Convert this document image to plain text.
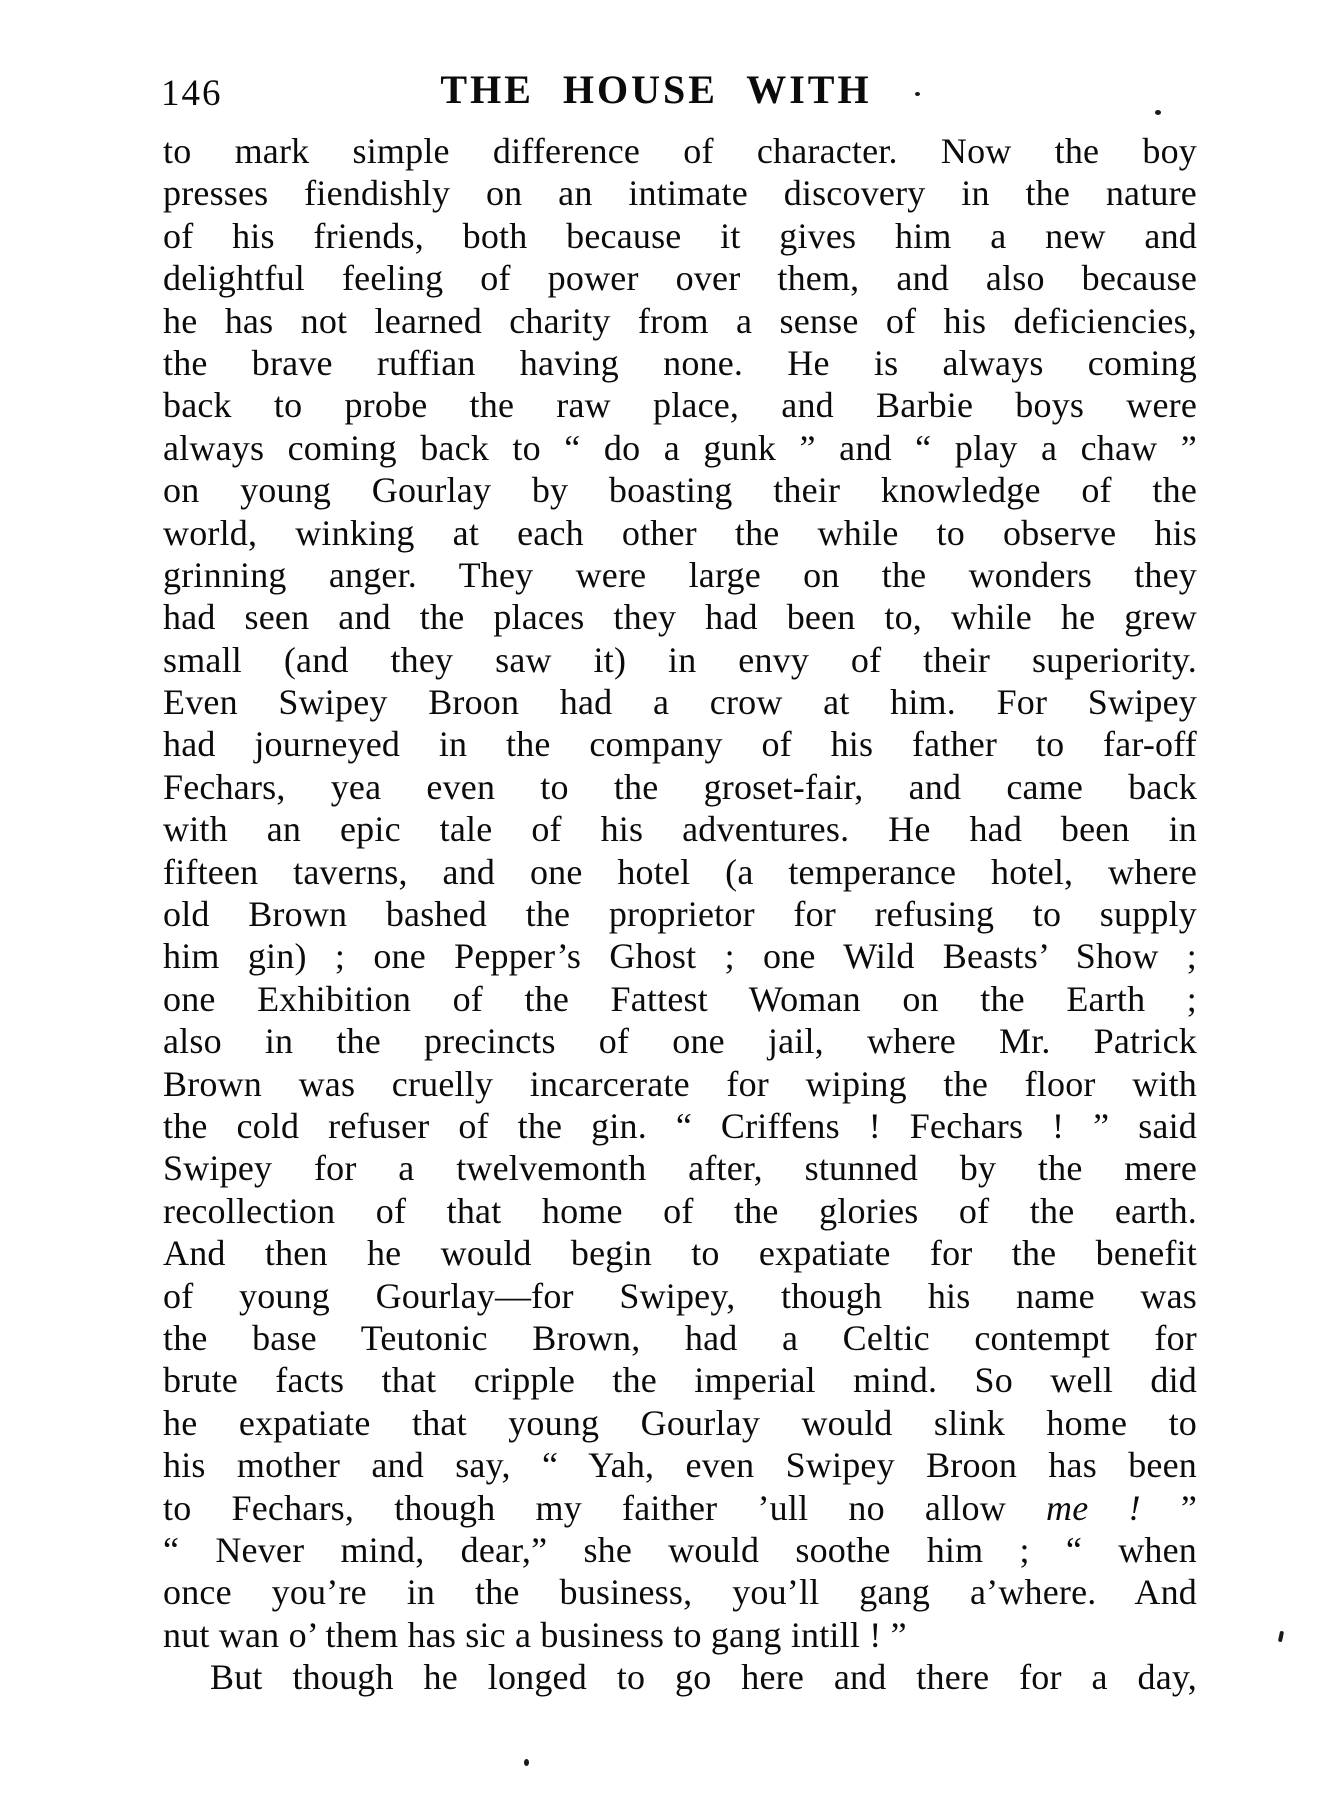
146	THE HOUSE WITH
to mark simple difference of character. Now the boy
presses fiendishly on an intimate discovery in the nature
of his friends, both because it gives him a new and
delightful feeling of power over them, and also because
he has not learned charity from a sense of his deficiencies,
the brave ruffian having none. He is always coming
back to probe the raw place, and Barbie boys were
always coming back to “ do a gunk ” and “ play a chaw ”
on young Gourlay by boasting their knowledge of the
world, winking at each other the while to observe his
grinning anger. They were large on the wonders they
had seen and the places they had been to, while he grew
small (and they saw it) in envy of their superiority.
Even Swipey Broon had a crow at him. For Swipey
had journeyed in the company of his father to far-off
Fechars, yea even to the groset-fair, and came back
with an epic tale of his adventures. He had been in
fifteen taverns, and one hotel (a temperance hotel, where
old Brown bashed the proprietor for refusing to supply
him gin) ; one Pepper’s Ghost ; one Wild Beasts’ Show ;
one Exhibition of the Fattest Woman on the Earth ;
also in the precincts of one jail, where Mr. Patrick
Brown was cruelly incarcerate for wiping the floor with
the cold refuser of the gin. “ Criffens ! Fechars ! ” said
Swipey for a twelvemonth after, stunned by the mere
recollection of that home of the glories of the earth.
And then he would begin to expatiate for the benefit
of young Gourlay—for Swipey, though his name was
the base Teutonic Brown, had a Celtic contempt for
brute facts that cripple the imperial mind. So well did
he expatiate that young Gourlay would slink home to
his mother and say, “ Yah, even Swipey Broon has been
to Fechars, though my faither ’ull no allow me ! ”
“ Never mind, dear,” she would soothe him ; “ when
once you’re in the business, you’ll gang a’where. And
nut wan o’ them has sic a business to gang intill ! ”
But though he longed to go here and there for a day,
